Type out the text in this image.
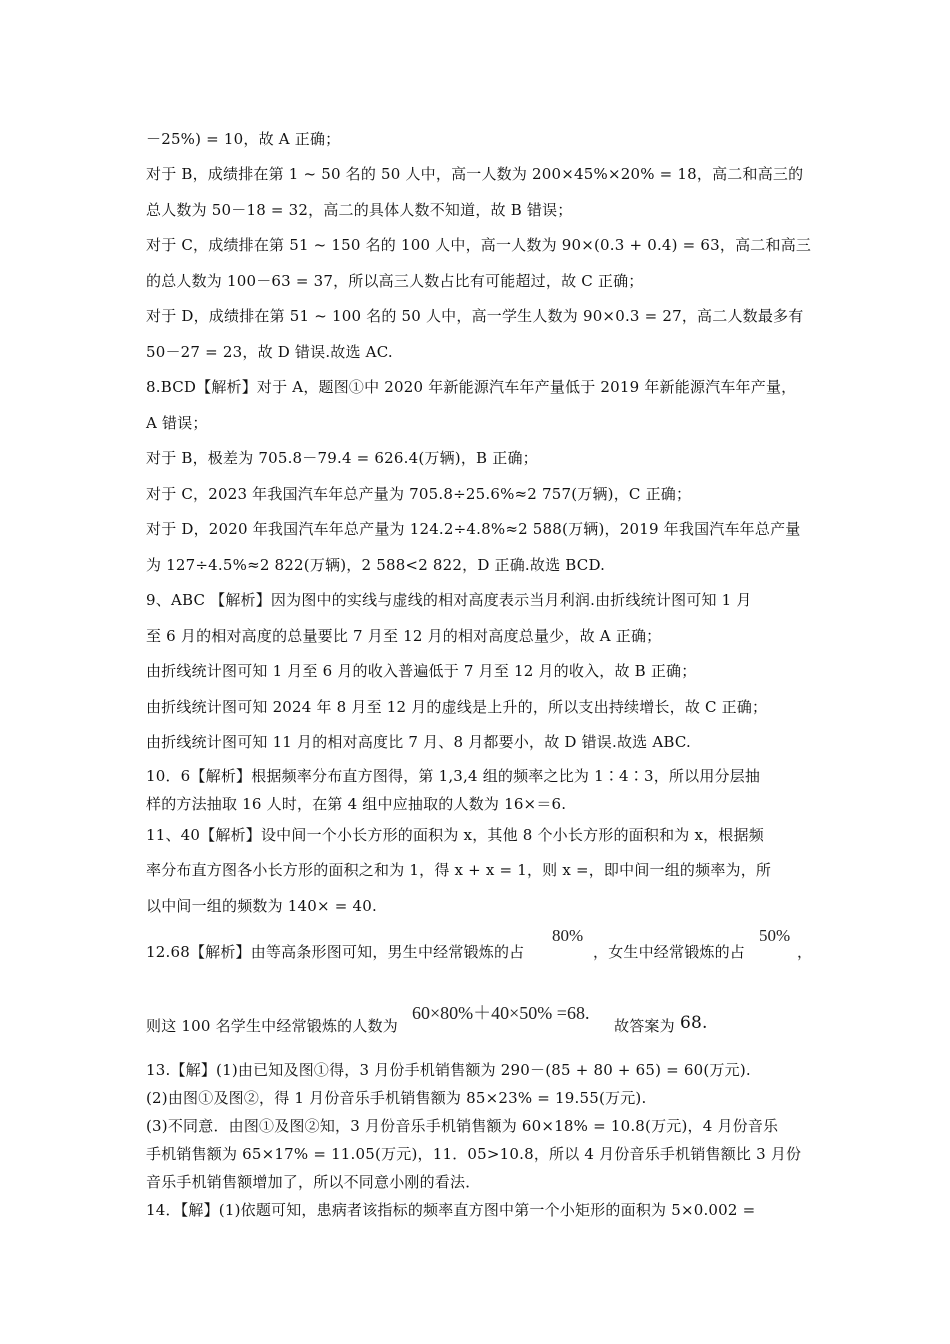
－25%) = 10，故 A 正确；
对于 B，成绩排在第 1 ~ 50 名的 50 人中，高一人数为 200×45%×20% = 18，高二和高三的
总人数为 50－18 = 32，高二的具体人数不知道，故 B 错误；
对于 C，成绩排在第 51 ~ 150 名的 100 人中，高一人数为 90×(0.3 + 0.4) = 63，高二和高三
的总人数为 100－63 = 37，所以高三人数占比有可能超过，故 C 正确；
对于 D，成绩排在第 51 ~ 100 名的 50 人中，高一学生人数为 90×0.3 = 27，高二人数最多有
50－27 = 23，故 D 错误.故选 AC.
8.BCD【解析】对于 A，题图①中 2020 年新能源汽车年产量低于 2019 年新能源汽车年产量，
A 错误；
对于 B，极差为 705.8－79.4 = 626.4(万辆)，B 正确；
对于 C，2023 年我国汽车年总产量为 705.8÷25.6%≈2 757(万辆)，C 正确；
对于 D，2020 年我国汽车年总产量为 124.2÷4.8%≈2 588(万辆)，2019 年我国汽车年总产量
为 127÷4.5%≈2 822(万辆)，2 588<2 822，D 正确.故选 BCD.
9、ABC 【解析】因为图中的实线与虚线的相对高度表示当月利润.由折线统计图可知 1 月
至 6 月的相对高度的总量要比 7 月至 12 月的相对高度总量少，故 A 正确；
由折线统计图可知 1 月至 6 月的收入普遍低于 7 月至 12 月的收入，故 B 正确；
由折线统计图可知 2024 年 8 月至 12 月的虚线是上升的，所以支出持续增长，故 C 正确；
由折线统计图可知 11 月的相对高度比 7 月、8 月都要小，故 D 错误.故选 ABC.
10．6【解析】根据频率分布直方图得，第 1,3,4 组的频率之比为 1∶4∶3，所以用分层抽
样的方法抽取 16 人时，在第 4 组中应抽取的人数为 16×＝6.
11、40【解析】设中间一个小长方形的面积为 x，其他 8 个小长方形的面积和为 x，根据频
率分布直方图各小长方形的面积之和为 1，得 x + x = 1，则 x =，即中间一组的频率为，所
以中间一组的频数为 140× = 40.
12.68【解析】由等高条形图可知，男生中经常锻炼的占
80%
，女生中经常锻炼的占
50%
，
则这 100 名学生中经常锻炼的人数为
60×80%＋40×50% =68.
故答案为 68.
13.【解】(1)由已知及图①得，3 月份手机销售额为 290－(85 + 80 + 65) = 60(万元).
(2)由图①及图②，得 1 月份音乐手机销售额为 85×23% = 19.55(万元).
(3)不同意．由图①及图②知，3 月份音乐手机销售额为 60×18% = 10.8(万元)，4 月份音乐
手机销售额为 65×17% = 11.05(万元)，11．05>10.8，所以 4 月份音乐手机销售额比 3 月份
音乐手机销售额增加了，所以不同意小刚的看法．
14．【解】(1)依题可知，患病者该指标的频率直方图中第一个小矩形的面积为 5×0.002 =
